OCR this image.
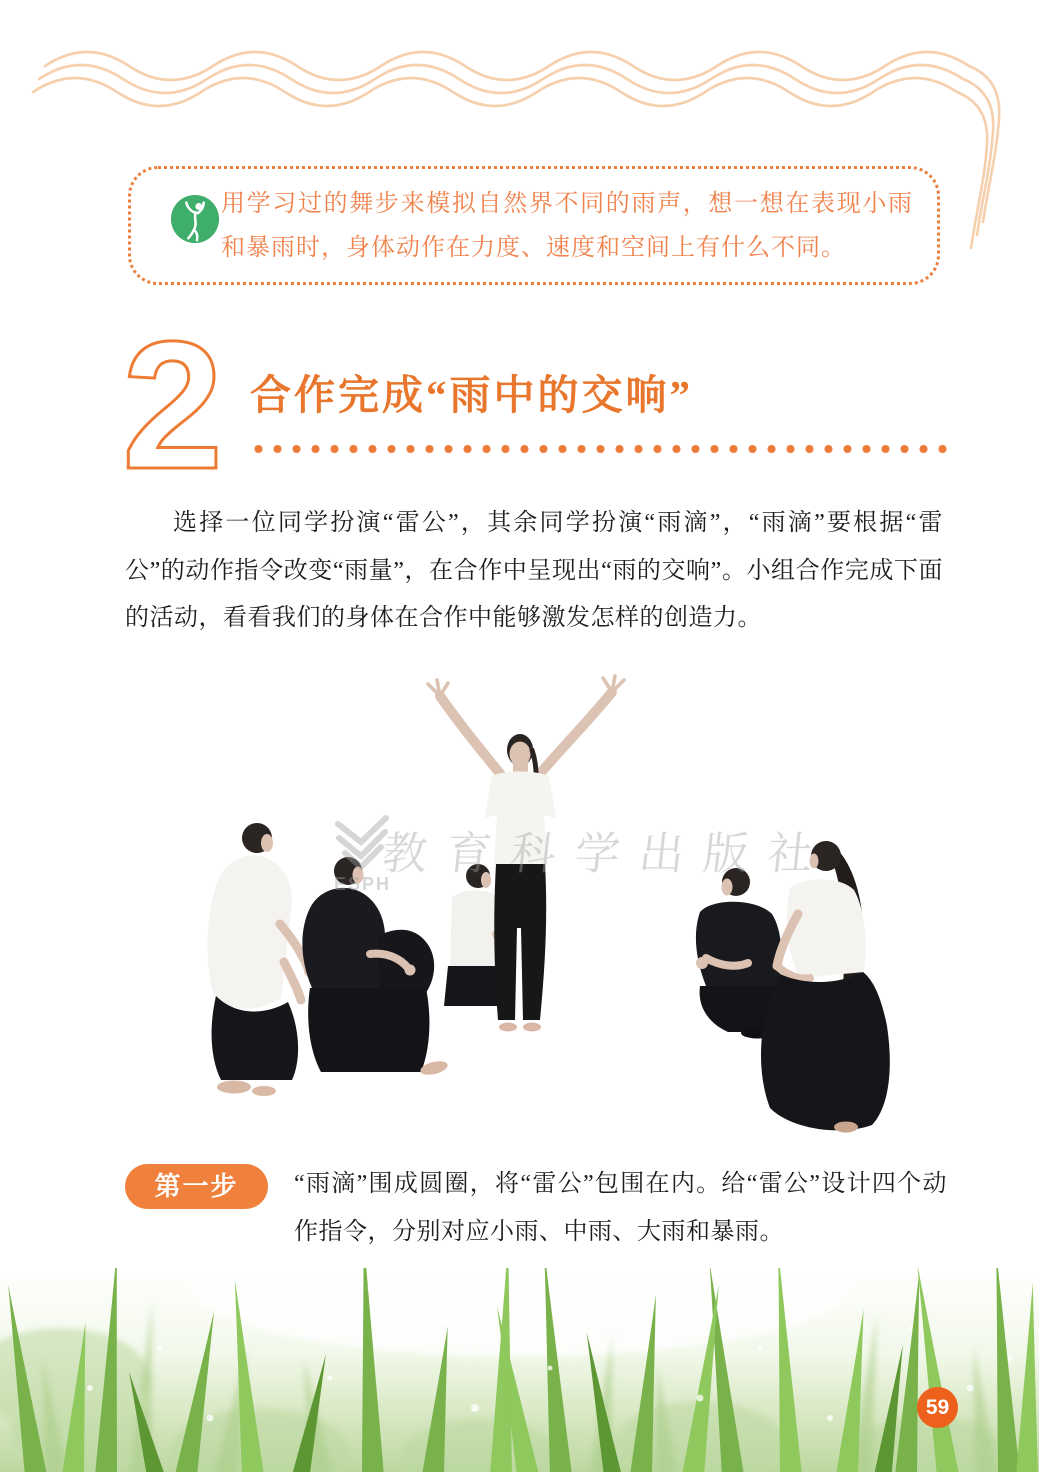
用学习过的舞步来模拟自然界不同的雨声，想一想在表现小雨和暴雨时，身体动作在力度、速度和空间上有什么不同。

2 合作完成“雨中的交响”

选择一位同学扮演“雷公”，其余同学扮演“雨滴”，“雨滴”要根据“雷公”的动作指令改变“雨量”，在合作中呈现出“雨的交响”。小组合作完成下面的活动，看看我们的身体在合作中能够激发怎样的创造力。

ESPH
教 育 科 学 出 版 社

第一步	“雨滴”围成圆圈，将“雷公”包围在内。给“雷公”设计四个动作指令，分别对应小雨、中雨、大雨和暴雨。

59
